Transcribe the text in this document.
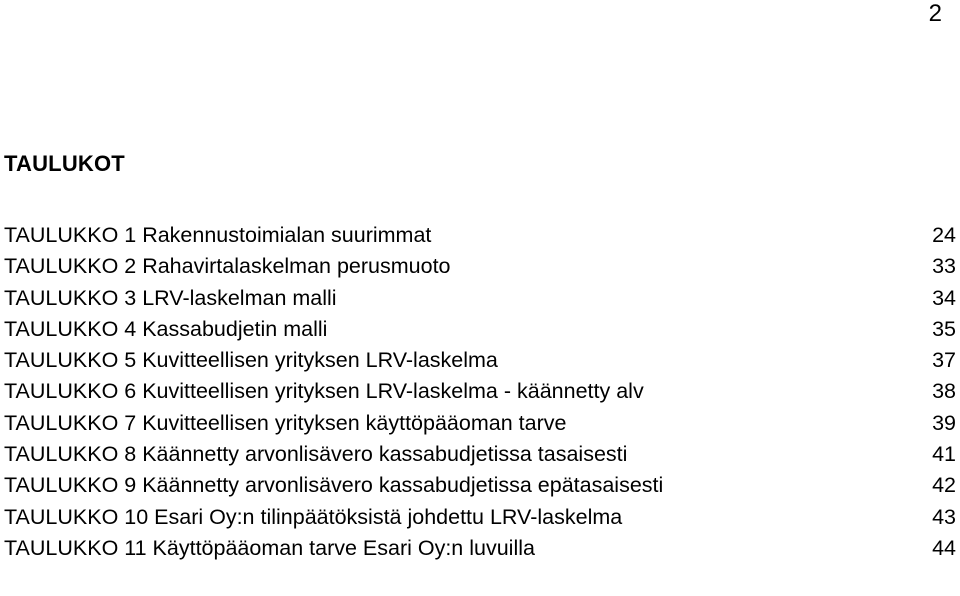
2
TAULUKOT
TAULUKKO 1 Rakennustoimialan suurimmat	24
TAULUKKO 2 Rahavirtalaskelman perusmuoto	33
TAULUKKO 3 LRV-laskelman malli	34
TAULUKKO 4 Kassabudjetin malli	35
TAULUKKO 5 Kuvitteellisen yrityksen LRV-laskelma	37
TAULUKKO 6 Kuvitteellisen yrityksen LRV-laskelma - käännetty alv	38
TAULUKKO 7 Kuvitteellisen yrityksen käyttöpääoman tarve	39
TAULUKKO 8 Käännetty arvonlisävero kassabudjetissa tasaisesti	41
TAULUKKO 9 Käännetty arvonlisävero kassabudjetissa epätasaisesti	42
TAULUKKO 10 Esari Oy:n tilinpäätöksistä johdettu LRV-laskelma	43
TAULUKKO 11 Käyttöpääoman tarve Esari Oy:n luvuilla	44
